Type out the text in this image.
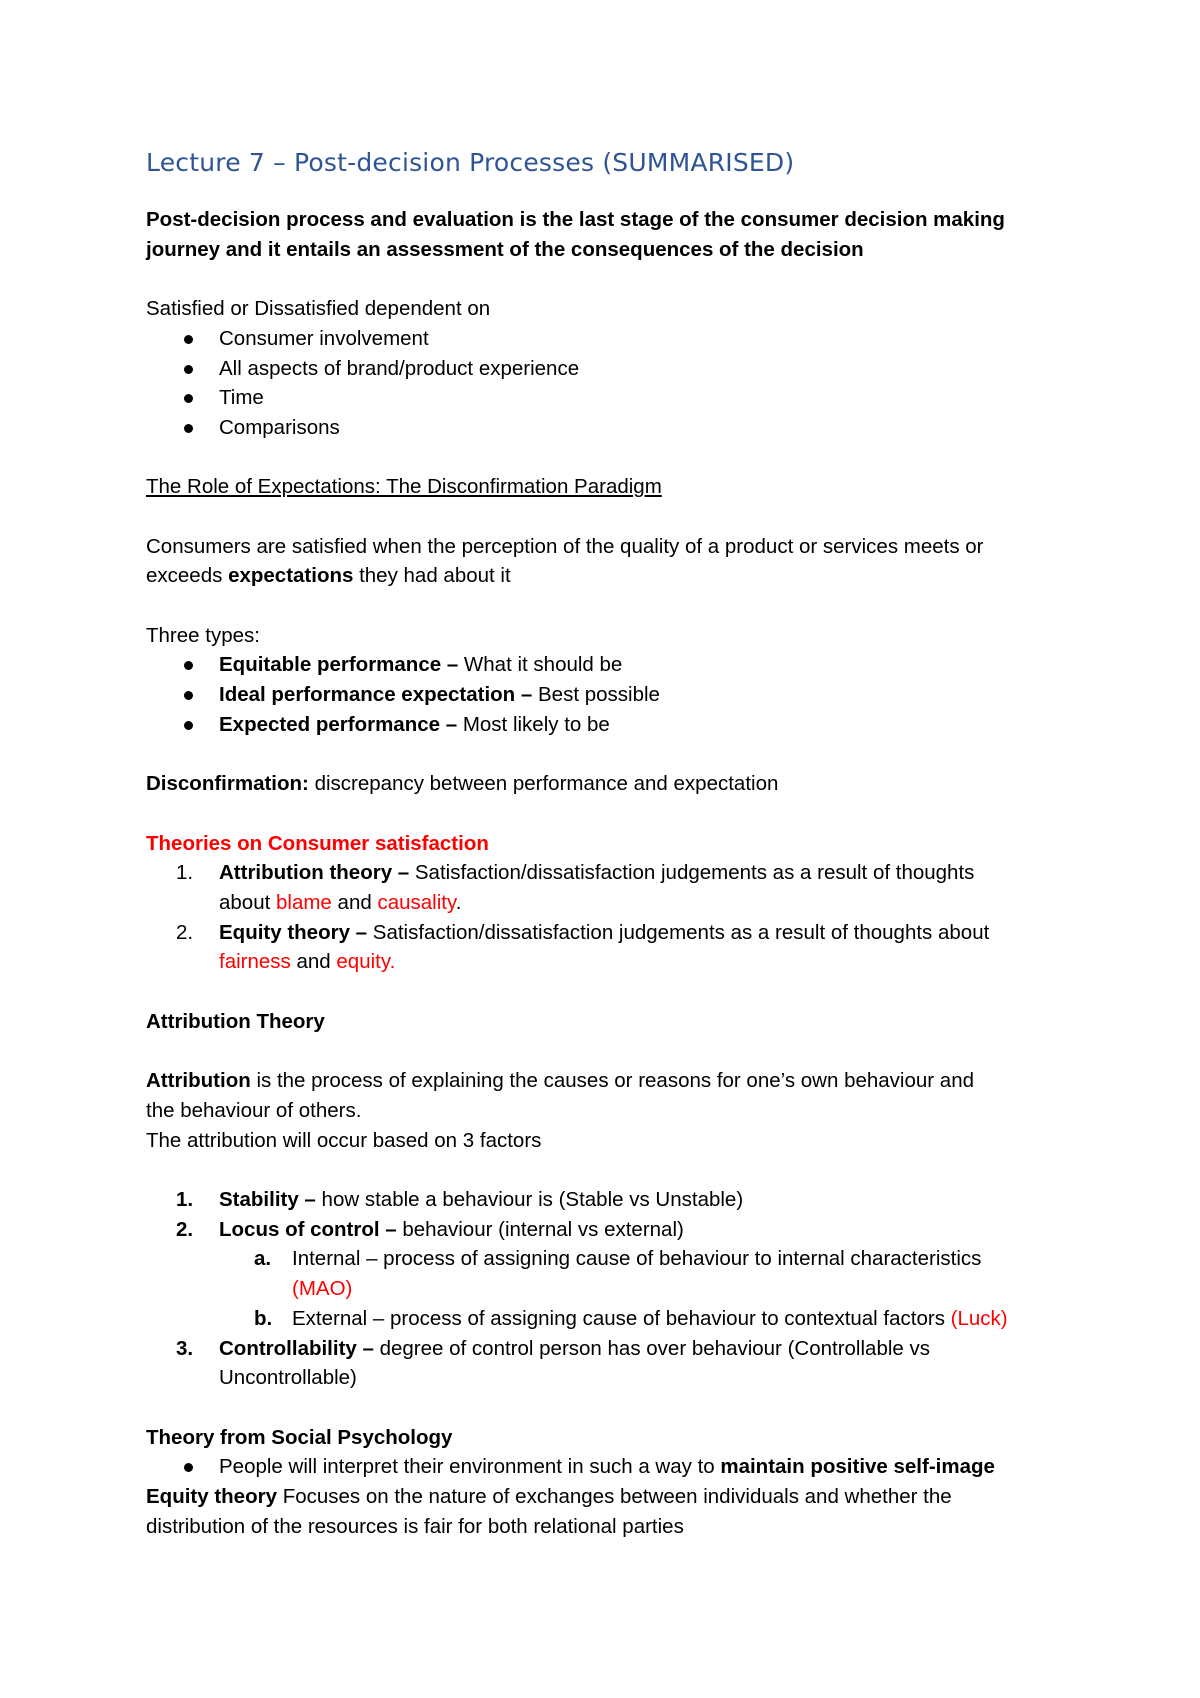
Lecture 7 – Post-decision Processes (SUMMARISED)

Post-decision process and evaluation is the last stage of the consumer decision making

journey and it entails an assessment of the consequences of the decision

Satisfied or Dissatisfied dependent on

Consumer involvement
All aspects of brand/product experience
Time
Comparisons

The Role of Expectations: The Disconfirmation Paradigm

Consumers are satisfied when the perception of the quality of a product or services meets or

exceeds expectations they had about it

Three types:

Equitable performance – What it should be
Ideal performance expectation – Best possible
Expected performance – Most likely to be

Disconfirmation: discrepancy between performance and expectation

Theories on Consumer satisfaction

1. Attribution theory – Satisfaction/dissatisfaction judgements as a result of thoughts
about blame and causality.
2. Equity theory – Satisfaction/dissatisfaction judgements as a result of thoughts about
fairness and equity.

Attribution Theory

Attribution is the process of explaining the causes or reasons for one’s own behaviour and

the behaviour of others.

The attribution will occur based on 3 factors

1. Stability – how stable a behaviour is (Stable vs Unstable)
2. Locus of control – behaviour (internal vs external)
a. Internal – process of assigning cause of behaviour to internal characteristics
(MAO)
b. External – process of assigning cause of behaviour to contextual factors (Luck)
3. Controllability – degree of control person has over behaviour (Controllable vs
Uncontrollable)

Theory from Social Psychology

People will interpret their environment in such a way to maintain positive self-image

Equity theory Focuses on the nature of exchanges between individuals and whether the

distribution of the resources is fair for both relational parties
